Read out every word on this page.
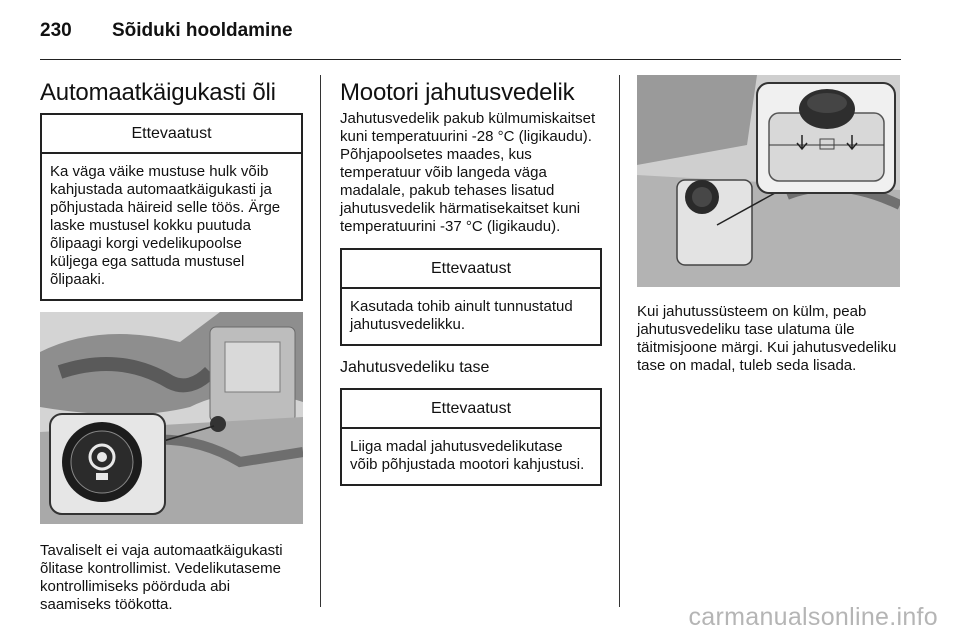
230 Sõiduki hooldamine
Automaatkäigukasti õli
Ettevaatust
Ka väga väike mustuse hulk võib kahjustada automaatkäigukasti ja põhjustada häireid selle töös. Ärge laske mustusel kokku puutuda õlipaagi korgi vedelikupoolse küljega ega sattuda mustusel õlipaaki.

Tavaliselt ei vaja automaatkäigukasti õlitase kontrollimist. Vedelikutaseme kontrollimiseks pöörduda abi saamiseks töökotta.

Mootori jahutusvedelik

Jahutusvedelik pakub külmumiskaitset kuni temperatuurini -28 °C (ligikaudu). Põhjapoolsetes maades, kus temperatuur võib langeda väga madalale, pakub tehases lisatud jahutusvedelik härmatisekaitset kuni temperatuurini -37 °C (ligikaudu).

Ettevaatust
Kasutada tohib ainult tunnustatud jahutusvedelikku.
Jahutusvedeliku tase
Ettevaatust
Liiga madal jahutusvedelikutase võib põhjustada mootori kahjustusi.

Kui jahutussüsteem on külm, peab jahutusvedeliku tase ulatuma üle täitmisjoone märgi. Kui jahutusvedeliku tase on madal, tuleb seda lisada.

carmanualsonline.info
